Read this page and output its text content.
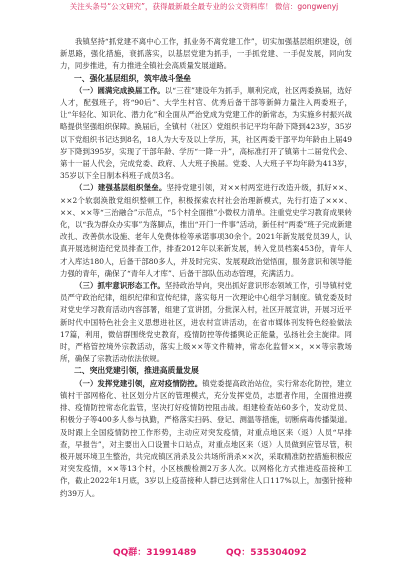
关注头条号“公文研究”，获得最新最全最专业的公文资料库！ 微信：gongwenyj

我镇坚持“抓党建不离中心工作，抓业务不离党建工作”，切实加强基层组织建设，创新思路，强化措施，衰抓落实，以基层党建为抓手，一手抓党建、一手促发展，同向发力，同步推进，有力推进全镇社会高质量发展道路。

一、强化基层组织，筑牢战斗堡垒

（一）圆满完成换届工作。以“三茬”建设年为抓手，顺利完成，社区两委换届，选好人才，配强班子，将“90后”、大学生村官、优秀后备干部等新鲜力量注入两委班子，让“年轻化、知识化、潜力化”和全面从严治党成为党建工作的新常态，为实施乡村振兴战略提供坚强组织保障。换届后，全镇村（社区）党组织书记平均年龄下降到423岁，35岁以下党组织书记达到8名，18人为大专及以上学历，其，社区两委干部平均年龄由上届49岁下降到395岁，实现了干部年龄、学历“一降一升”，高标准打开了镇第十二届党代会、第十一届人代会，完成党委、政府、人大班子换届。党委、人大班子平均年龄为413岁，35岁以下全日制本科班子成员3名。

（二）建强基层组织堡垒。坚持党建引领，对××村两室进行改造升级，抓好××、××2个软弱涣散党组织整顿工作，积极探索农村社会治理新模式，先行打造了×××、××、××等“三治融合”示范点，“5个村全面推”小微权力清单。注重党史学习教育成果转化，以“我为群众办实事”为落脚点，推出“开门一件事”活动，新任村“两委”班子完成新建改扎、改善供水设施、老年人免费体检等承诺事项30余个。2021年新发展党员39人，认真开展选树造纪党员排查工作，排查2012年以来新发展，转入党员档案453份，青年人才入库达180人，后备干部80多人，并及时完实、发展观政治觉悟面，服务意识和领导能力强的青年，确保了“青年人才库”、后备干部队伍动态管理，充满活力。

（三）抓牢意识形态工作。坚持政治导向，突出抓好意识形态领域工作，引导镇村党员严守政治纪律，组织纪律和宣传纪律，落实每月一次理论中心组学习制度。镇党委及时对党史学习教育活动内容部署，组建了宣讲团，分批深入村，社区开展宣讲，开展习近平新时代中国特色社会主义思想进社区，进农村宣讲活动，在省市媒体刊发特色经验做法17篇，利用，微信群围绕党史教育，疫情防控等传播舆论正能量，弘扬社会主旋律。同时，严格管控境外宗教活动，落实上级××等文件精神，常态化监督××，××等宗教场所，确保了宗教活动依法依规。

二、突出党建引领，推进高质量发展

（一）发挥党建引领，应对疫情防控。镇党委提高政治站位，实行常态化防控，建立镇村干部网格化、社区划分片区的管理模式，充分发挥党员，志愿者作用，全面推进摸排、疫情防控常态化监管，坚决打好疫情防控阻击战。组建检查站60多个，发动党员、积极分子等400多人参与执勤，严格落实扫码、登记、测温等措施，切断病毒传播渠道。及时跟上全国疫情防控工作形势，主动应对突发疫情，对重点地区来（返）人员“早排查，早报告”，对主要出入口设置卡口站点，对重点地区来（返）人员做到应管尽管，积极开展环境卫生整治，共完成镇区消杀及公共场所消杀××次，采取精准防控措施积极应对突发疫情，××等13个村，小区核酸检测2万多人次。以网格化方式推进疫苗接种工作，截止2022年1月底，3岁以上疫苗接种人群已达到常住人口117%以上，加强针接种约39万人。

QQ群：31991489	QQ：535304092
